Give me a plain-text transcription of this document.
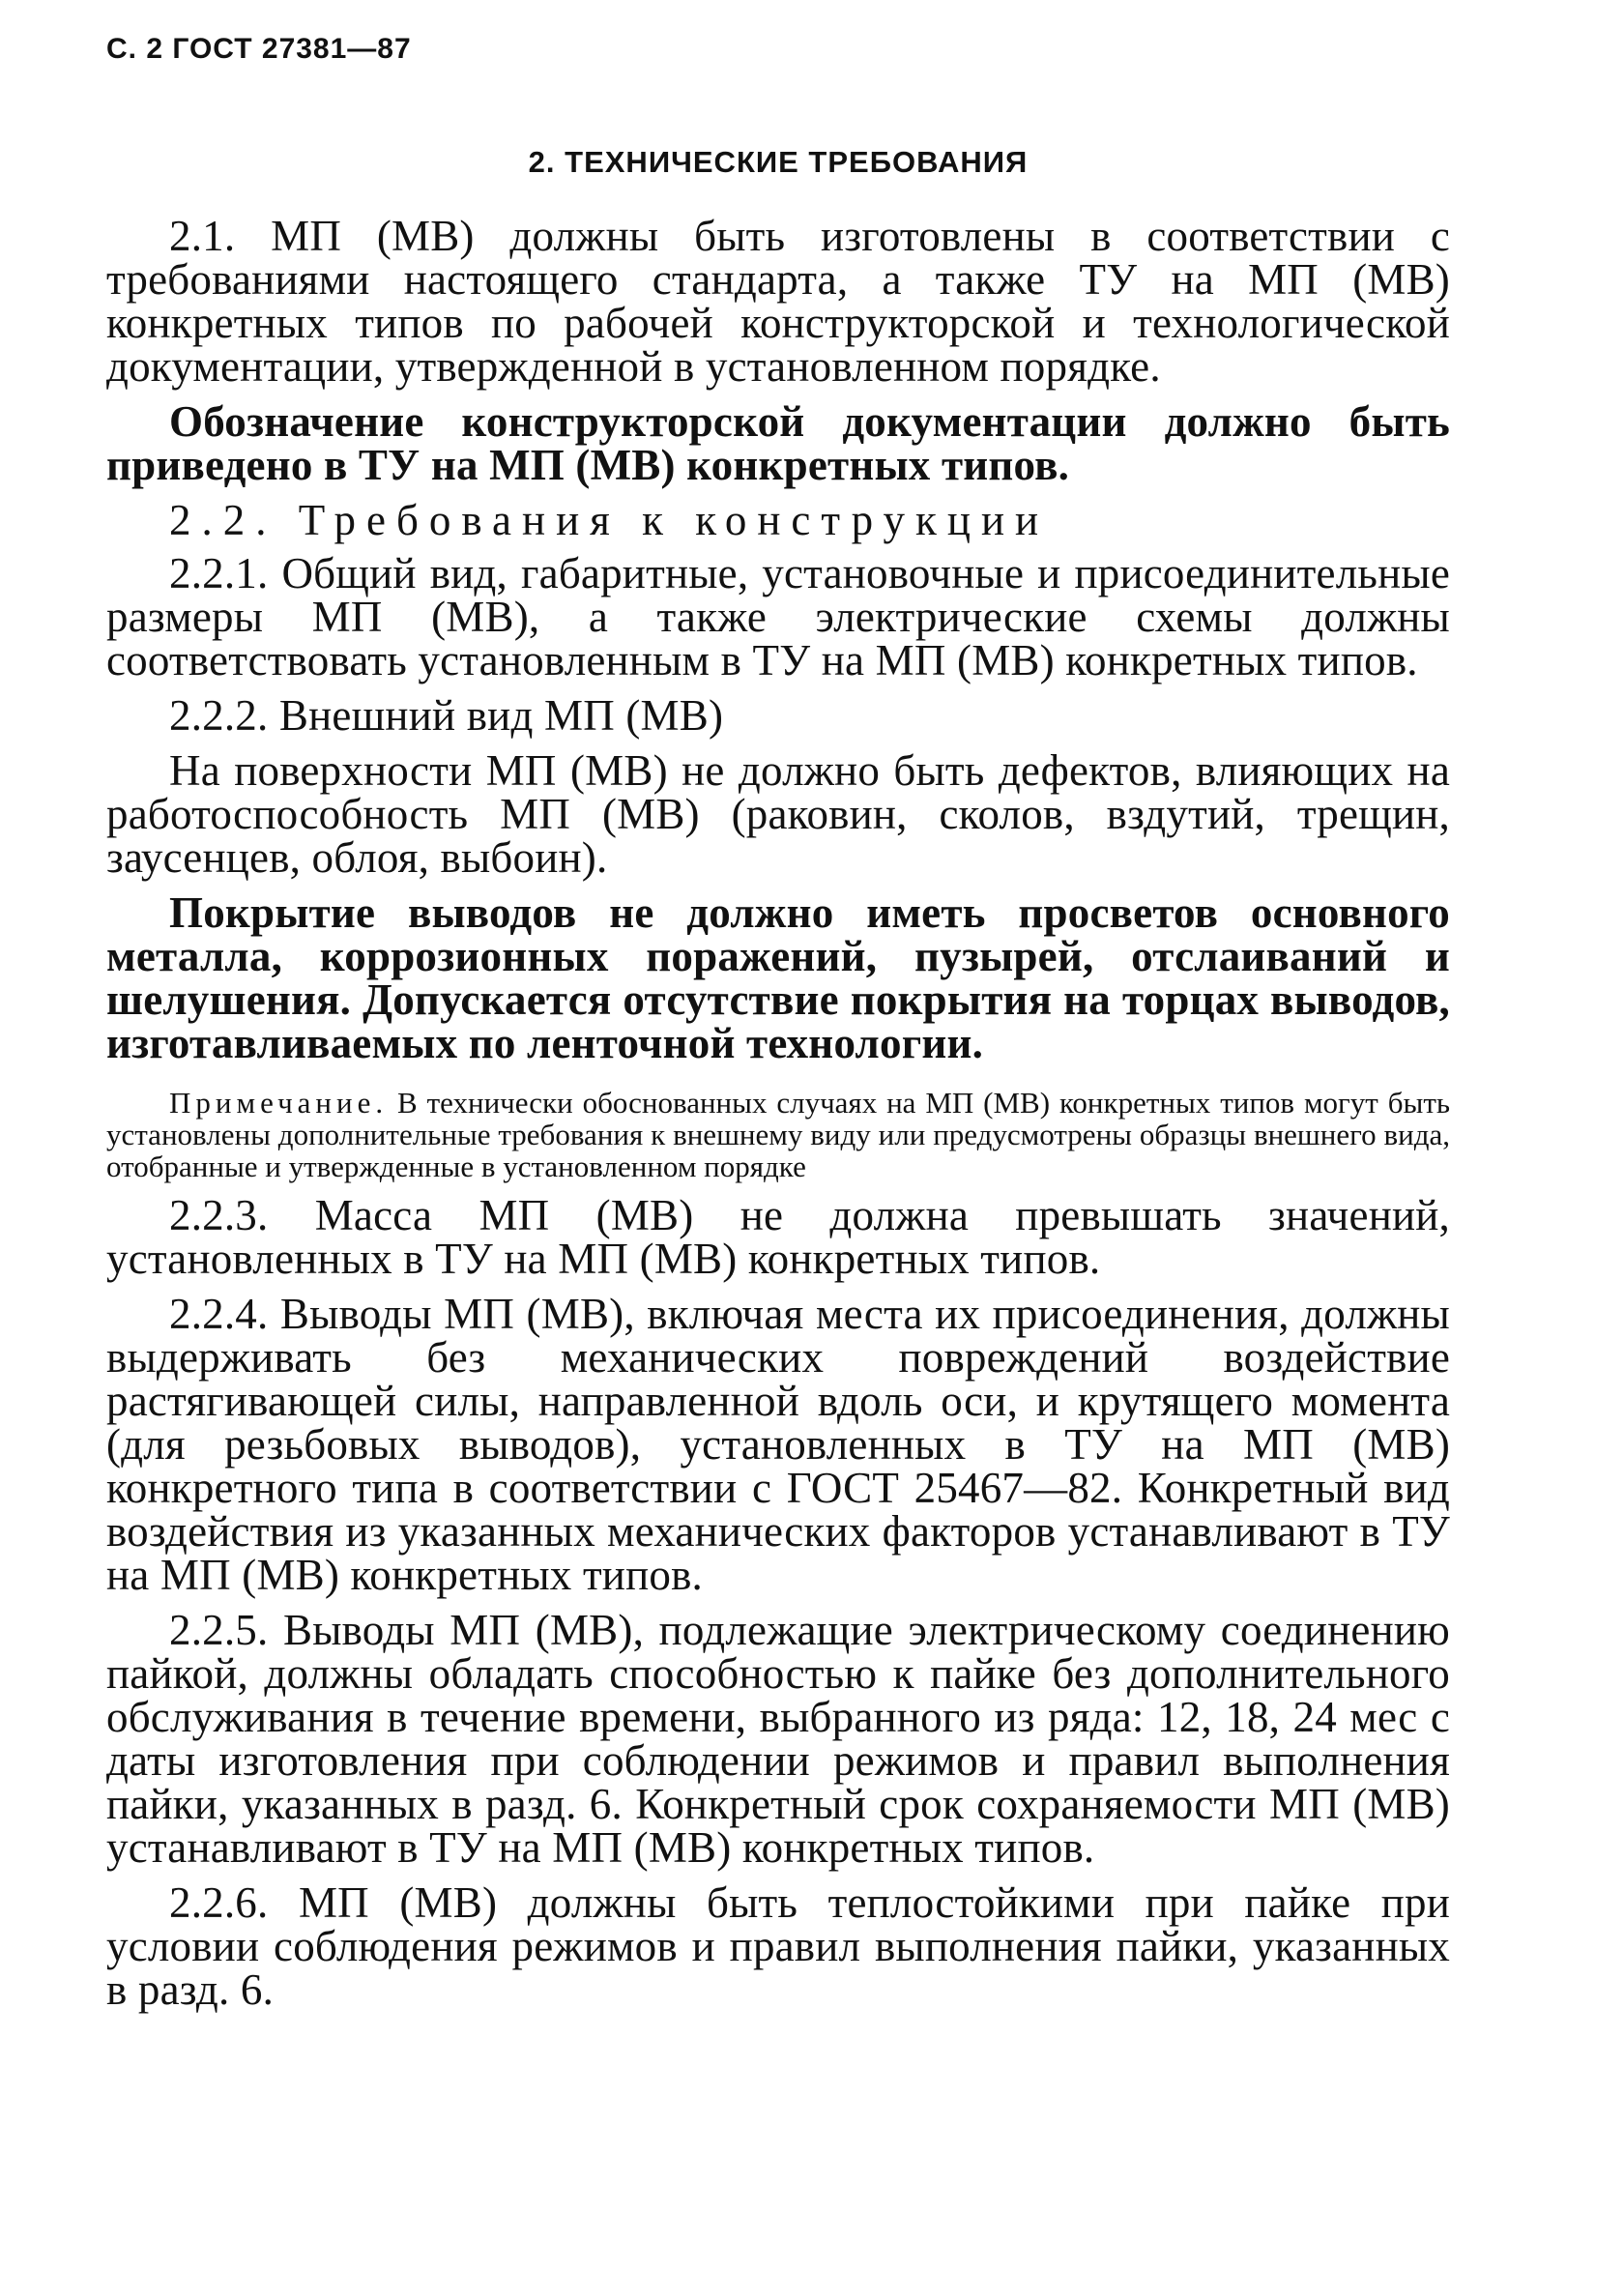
С. 2 ГОСТ 27381—87
2. ТЕХНИЧЕСКИЕ ТРЕБОВАНИЯ

2.1. МП (МВ) должны быть изготовлены в соответствии с требованиями настоящего стандарта, а также ТУ на МП (МВ) конкретных типов по рабочей конструкторской и технологической документации, утвержденной в установленном порядке.

Обозначение конструкторской документации должно быть приведено в ТУ на МП (МВ) конкретных типов.

2.2. Требования к конструкции

2.2.1. Общий вид, габаритные, установочные и присоединительные размеры МП (МВ), а также электрические схемы должны соответствовать установленным в ТУ на МП (МВ) конкретных типов.

2.2.2. Внешний вид МП (МВ)

На поверхности МП (МВ) не должно быть дефектов, влияющих на работоспособность МП (МВ) (раковин, сколов, вздутий, трещин, заусенцев, облоя, выбоин).

Покрытие выводов не должно иметь просветов основного металла, коррозионных поражений, пузырей, отслаиваний и шелушения. Допускается отсутствие покрытия на торцах выводов, изготавливаемых по ленточной технологии.

Примечание. В технически обоснованных случаях на МП (МВ) конкретных типов могут быть установлены дополнительные требования к внешнему виду или предусмотрены образцы внешнего вида, отобранные и утвержденные в установленном порядке

2.2.3. Масса МП (МВ) не должна превышать значений, установленных в ТУ на МП (МВ) конкретных типов.

2.2.4. Выводы МП (МВ), включая места их присоединения, должны выдерживать без механических повреждений воздействие растягивающей силы, направленной вдоль оси, и крутящего момента (для резьбовых выводов), установленных в ТУ на МП (МВ) конкретного типа в соответствии с ГОСТ 25467—82. Конкретный вид воздействия из указанных механических факторов устанавливают в ТУ на МП (МВ) конкретных типов.

2.2.5. Выводы МП (МВ), подлежащие электрическому соединению пайкой, должны обладать способностью к пайке без дополнительного обслуживания в течение времени, выбранного из ряда: 12, 18, 24 мес с даты изготовления при соблюдении режимов и правил выполнения пайки, указанных в разд. 6. Конкретный срок сохраняемости МП (МВ) устанавливают в ТУ на МП (МВ) конкретных типов.

2.2.6. МП (МВ) должны быть теплостойкими при пайке при условии соблюдения режимов и правил выполнения пайки, указанных в разд. 6.
